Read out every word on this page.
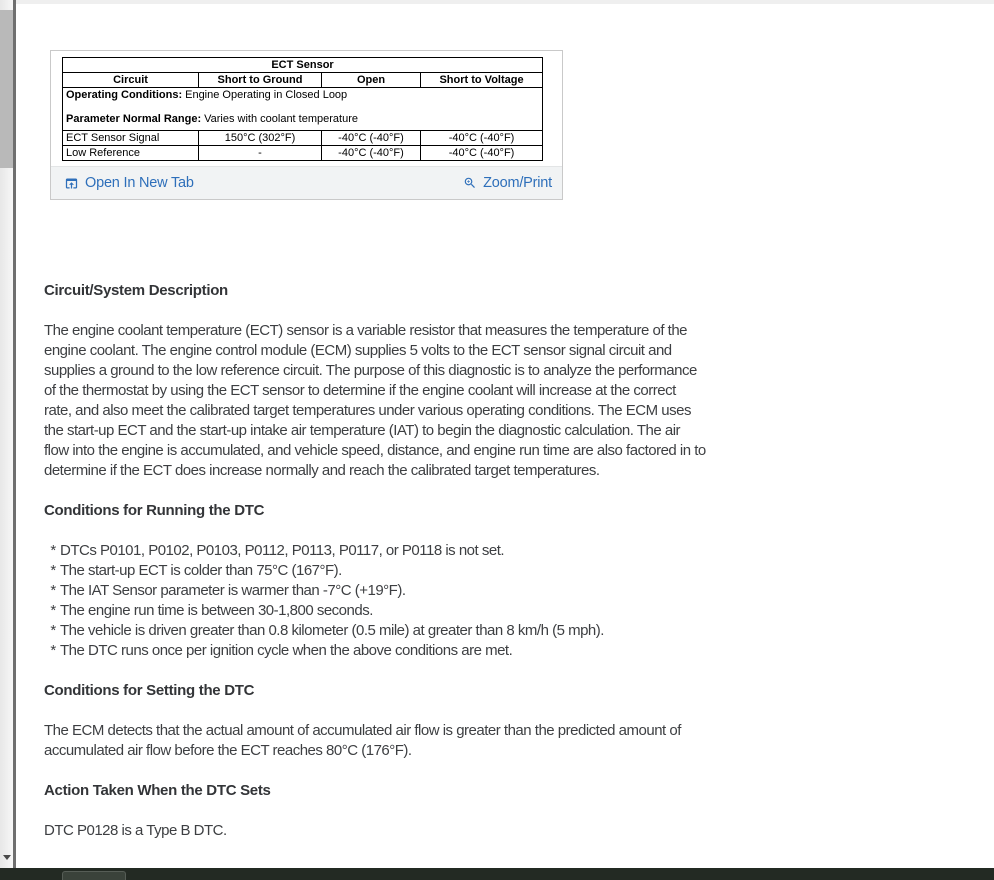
ECT Sensor			
Circuit	Short to Ground	Open	Short to Voltage

Operating Conditions: Engine Operating in Closed Loop
Parameter Normal Range: Varies with coolant temperature			

ECT Sensor Signal	150°C (302°F)	-40°C (-40°F)	-40°C (-40°F)
Low Reference	-	-40°C (-40°F)	-40°C (-40°F)
Open In New Tab	Zoom/Print
Circuit/System Description

The engine coolant temperature (ECT) sensor is a variable resistor that measures the temperature of the engine coolant. The engine control module (ECM) supplies 5 volts to the ECT sensor signal circuit and supplies a ground to the low reference circuit. The purpose of this diagnostic is to analyze the performance of the thermostat by using the ECT sensor to determine if the engine coolant will increase at the correct rate, and also meet the calibrated target temperatures under various operating conditions. The ECM uses the start-up ECT and the start-up intake air temperature (IAT) to begin the diagnostic calculation. The air flow into the engine is accumulated, and vehicle speed, distance, and engine run time are also factored in to determine if the ECT does increase normally and reach the calibrated target temperatures.

Conditions for Running the DTC
* DTCs P0101, P0102, P0103, P0112, P0113, P0117, or P0118 is not set.
* The start-up ECT is colder than 75°C (167°F).
* The IAT Sensor parameter is warmer than -7°C (+19°F).
* The engine run time is between 30-1,800 seconds.
* The vehicle is driven greater than 0.8 kilometer (0.5 mile) at greater than 8 km/h (5 mph).
* The DTC runs once per ignition cycle when the above conditions are met.
Conditions for Setting the DTC

The ECM detects that the actual amount of accumulated air flow is greater than the predicted amount of accumulated air flow before the ECT reaches 80°C (176°F).

Action Taken When the DTC Sets

DTC P0128 is a Type B DTC.
